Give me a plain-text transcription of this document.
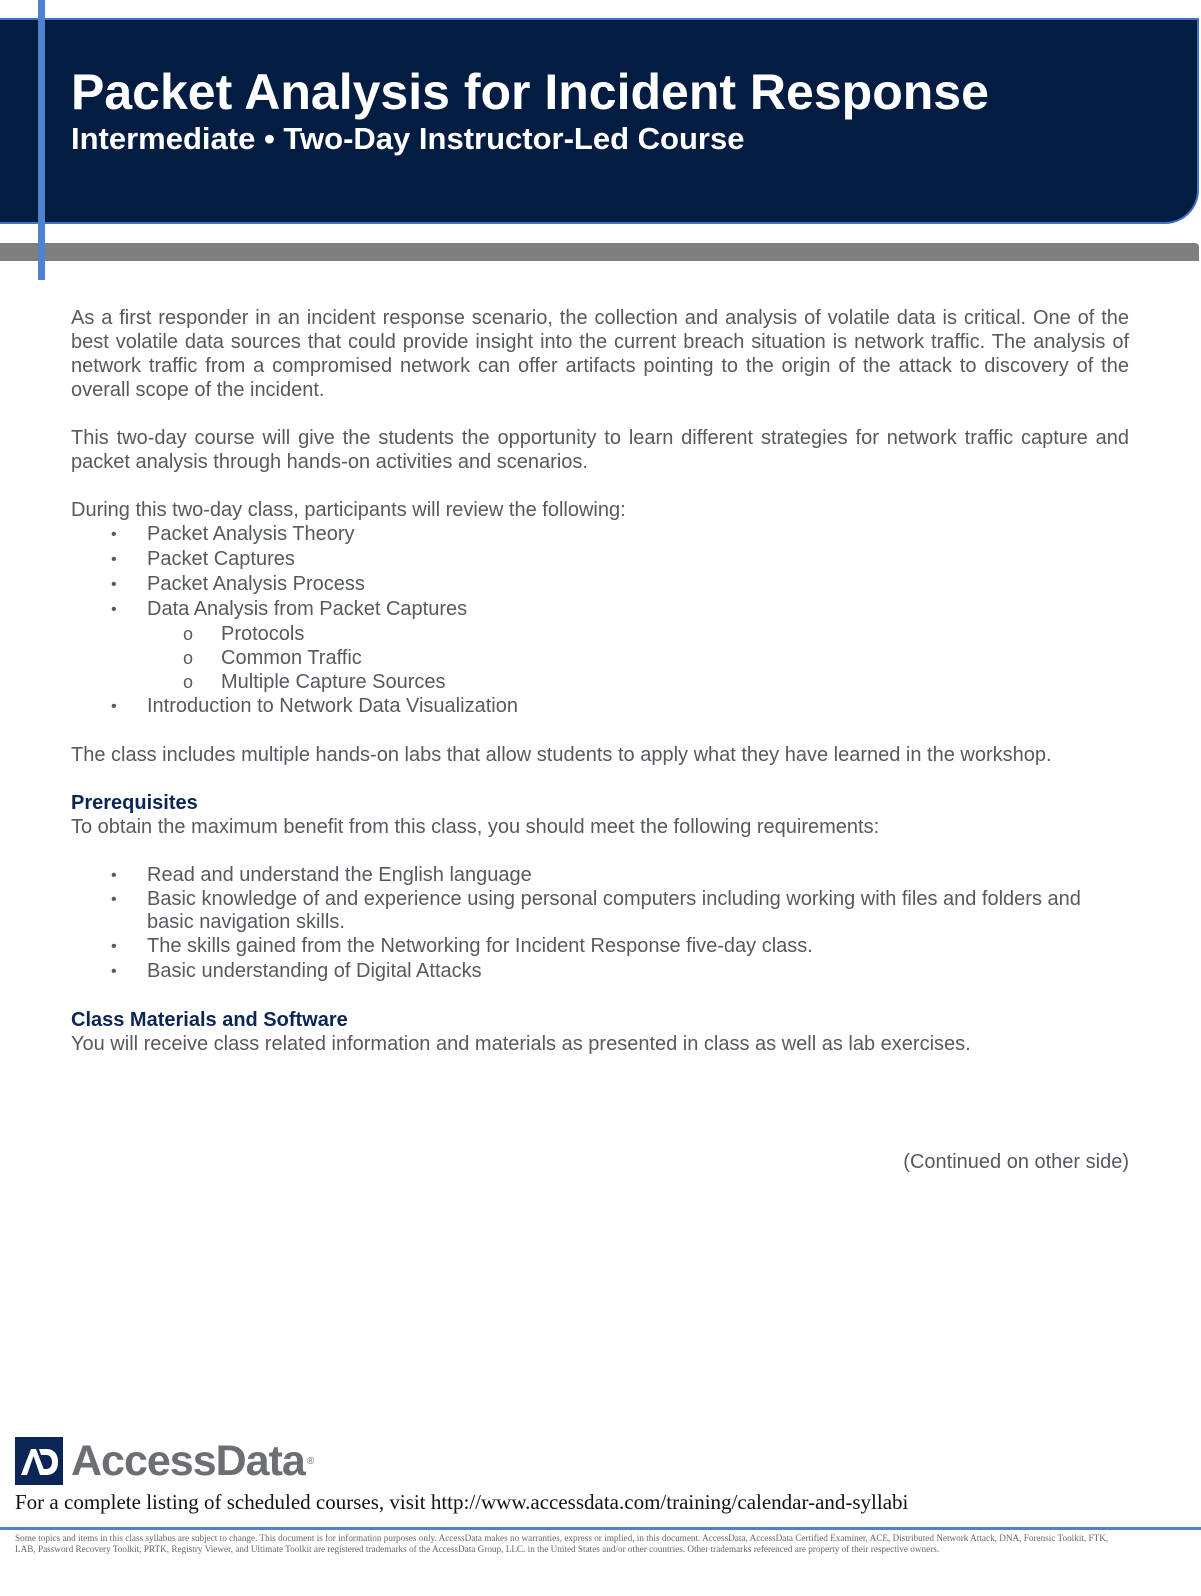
Packet Analysis for Incident Response
Intermediate • Two-Day Instructor-Led Course

As a first responder in an incident response scenario, the collection and analysis of volatile data is critical. One of the best volatile data sources that could provide insight into the current breach situation is network traffic. The analysis of network traffic from a compromised network can offer artifacts pointing to the origin of the attack to discovery of the overall scope of the incident.

This two-day course will give the students the opportunity to learn different strategies for network traffic capture and packet analysis through hands-on activities and scenarios.

During this two-day class, participants will review the following:

• Packet Analysis Theory
• Packet Captures
• Packet Analysis Process
• Data Analysis from Packet Captures
o Protocols
o Common Traffic
o Multiple Capture Sources
• Introduction to Network Data Visualization

The class includes multiple hands-on labs that allow students to apply what they have learned in the workshop.

Prerequisites

To obtain the maximum benefit from this class, you should meet the following requirements:

• Read and understand the English language
• Basic knowledge of and experience using personal computers including working with files and folders and basic navigation skills.
• The skills gained from the Networking for Incident Response five-day class.
• Basic understanding of Digital Attacks
Class Materials and Software

You will receive class related information and materials as presented in class as well as lab exercises.

(Continued on other side)

AccessData ®
For a complete listing of scheduled courses, visit http://www.accessdata.com/training/calendar-and-syllabi
Some topics and items in this class syllabus are subject to change. This document is for information purposes only. AccessData makes no warranties, express or implied, in this document. AccessData, AccessData Certified Examiner, ACE, Distributed Network Attack, DNA, Forensic Toolkit, FTK, LAB, Password Recovery Toolkit, PRTK, Registry Viewer, and Ultimate Toolkit are registered trademarks of the AccessData Group, LLC. in the United States and/or other countries. Other trademarks referenced are property of their respective owners.
